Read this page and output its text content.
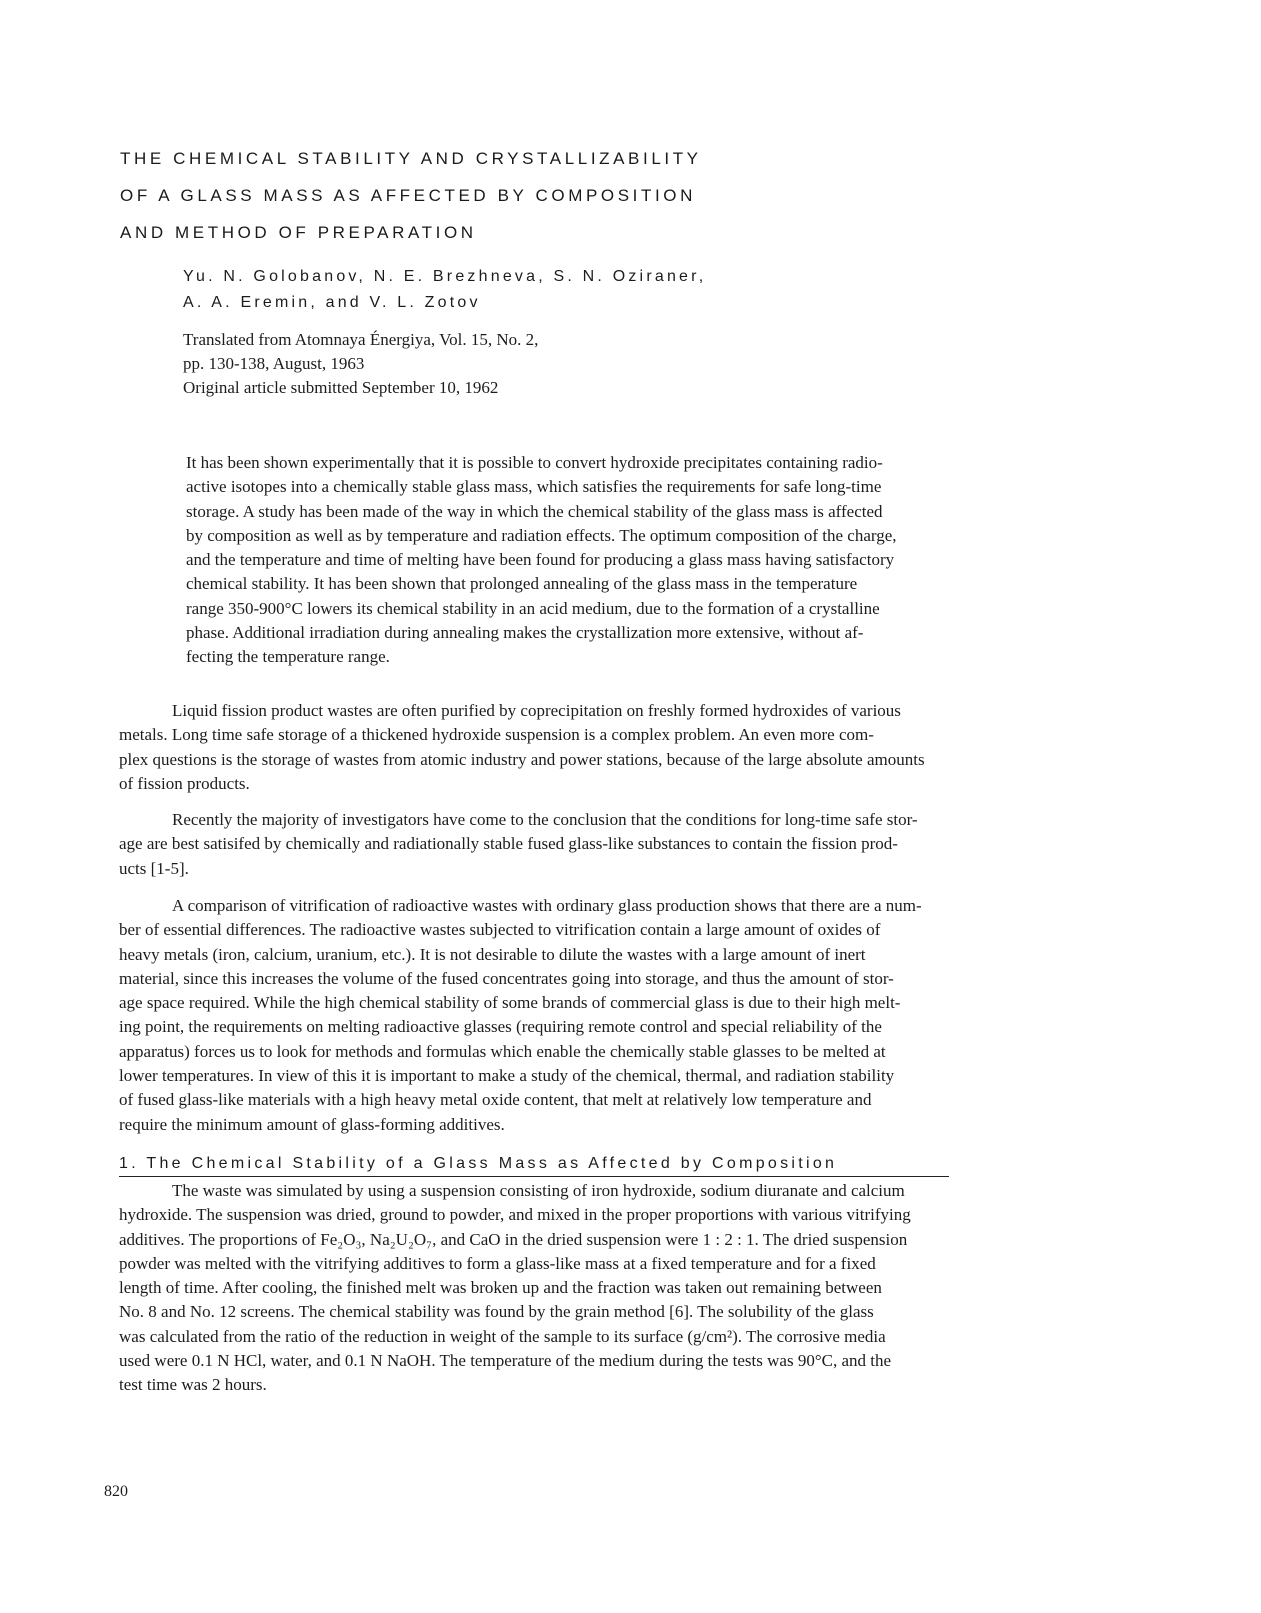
THE CHEMICAL STABILITY AND CRYSTALLIZABILITY
OF A GLASS MASS AS AFFECTED BY COMPOSITION
AND METHOD OF PREPARATION
Yu. N. Golobanov, N. E. Brezhneva, S. N. Oziraner,
A. A. Eremin, and V. L. Zotov
Translated from Atomnaya Énergiya, Vol. 15, No. 2,
pp. 130-138, August, 1963
Original article submitted September 10, 1962

It has been shown experimentally that it is possible to convert hydroxide precipitates containing radio-
active isotopes into a chemically stable glass mass, which satisfies the requirements for safe long-time
storage. A study has been made of the way in which the chemical stability of the glass mass is affected
by composition as well as by temperature and radiation effects. The optimum composition of the charge,
and the temperature and time of melting have been found for producing a glass mass having satisfactory
chemical stability. It has been shown that prolonged annealing of the glass mass in the temperature
range 350-900°C lowers its chemical stability in an acid medium, due to the formation of a crystalline
phase. Additional irradiation during annealing makes the crystallization more extensive, without af-
fecting the temperature range.

Liquid fission product wastes are often purified by coprecipitation on freshly formed hydroxides of various
metals. Long time safe storage of a thickened hydroxide suspension is a complex problem. An even more com-
plex questions is the storage of wastes from atomic industry and power stations, because of the large absolute amounts
of fission products.

Recently the majority of investigators have come to the conclusion that the conditions for long-time safe stor-
age are best satisifed by chemically and radiationally stable fused glass-like substances to contain the fission prod-
ucts [1-5].

A comparison of vitrification of radioactive wastes with ordinary glass production shows that there are a num-
ber of essential differences. The radioactive wastes subjected to vitrification contain a large amount of oxides of
heavy metals (iron, calcium, uranium, etc.). It is not desirable to dilute the wastes with a large amount of inert
material, since this increases the volume of the fused concentrates going into storage, and thus the amount of stor-
age space required. While the high chemical stability of some brands of commercial glass is due to their high melt-
ing point, the requirements on melting radioactive glasses (requiring remote control and special reliability of the
apparatus) forces us to look for methods and formulas which enable the chemically stable glasses to be melted at
lower temperatures. In view of this it is important to make a study of the chemical, thermal, and radiation stability
of fused glass-like materials with a high heavy metal oxide content, that melt at relatively low temperature and
require the minimum amount of glass-forming additives.

1. The Chemical Stability of a Glass Mass as Affected by Composition

The waste was simulated by using a suspension consisting of iron hydroxide, sodium diuranate and calcium
hydroxide. The suspension was dried, ground to powder, and mixed in the proper proportions with various vitrifying
additives. The proportions of Fe₂O₃, Na₂U₂O₇, and CaO in the dried suspension were 1 : 2 : 1. The dried suspension
powder was melted with the vitrifying additives to form a glass-like mass at a fixed temperature and for a fixed
length of time. After cooling, the finished melt was broken up and the fraction was taken out remaining between
No. 8 and No. 12 screens. The chemical stability was found by the grain method [6]. The solubility of the glass
was calculated from the ratio of the reduction in weight of the sample to its surface (g/cm²). The corrosive media
used were 0.1 N HCl, water, and 0.1 N NaOH. The temperature of the medium during the tests was 90°C, and the
test time was 2 hours.

820
